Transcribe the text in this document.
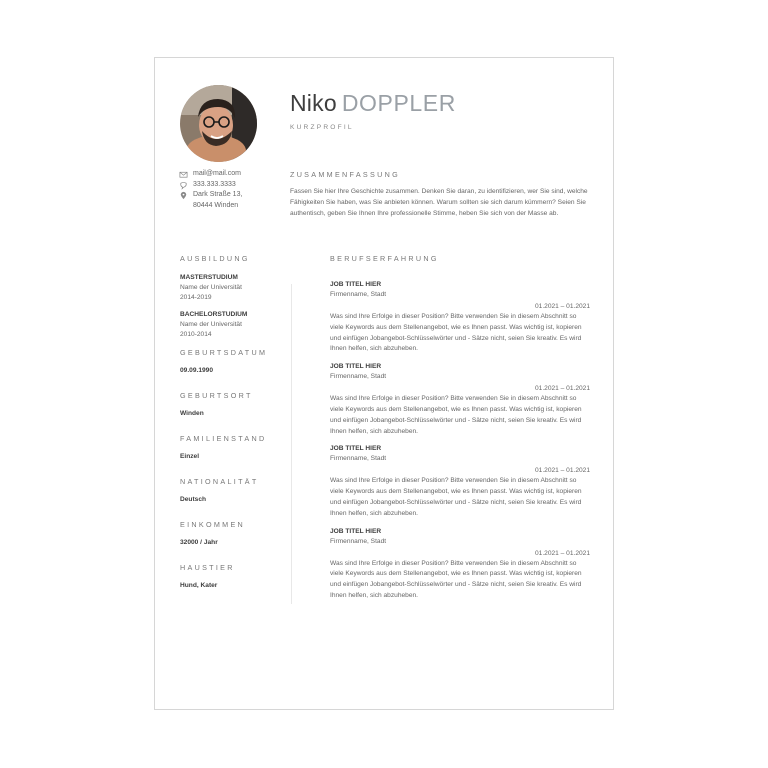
Niko DOPPLER
KURZPROFIL
mail@mail.com
333.333.3333
Dark Straße 13,
80444 Winden
ZUSAMMENFASSUNG
Fassen Sie hier Ihre Geschichte zusammen. Denken Sie daran, zu identifizieren, wer Sie sind, welche Fähigkeiten Sie haben, was Sie anbieten können. Warum sollten sie sich darum kümmern? Seien Sie authentisch, geben Sie Ihnen Ihre professionelle Stimme, heben Sie sich von der Masse ab.
AUSBILDUNG
MASTERSTUDIUM
Name der Universität
2014-2019
BACHELORSTUDIUM
Name der Universität
2010-2014
GEBURTSDATUM
09.09.1990
GEBURTSORT
Winden
FAMILIENSTAND
Einzel
NATIONALITÄT
Deutsch
EINKOMMEN
32000 / Jahr
HAUSTIER
Hund, Kater
BERUFSERFAHRUNG
JOB TITEL HIER
Firmenname, Stadt
01.2021 – 01.2021
Was sind Ihre Erfolge in dieser Position? Bitte verwenden Sie in diesem Abschnitt so viele Keywords aus dem Stellenangebot, wie es Ihnen passt. Was wichtig ist, kopieren und einfügen Jobangebot-Schlüsselwörter und - Sätze nicht, seien Sie kreativ. Es wird Ihnen helfen, sich abzuheben.
JOB TITEL HIER
Firmenname, Stadt
01.2021 – 01.2021
Was sind Ihre Erfolge in dieser Position? Bitte verwenden Sie in diesem Abschnitt so viele Keywords aus dem Stellenangebot, wie es Ihnen passt. Was wichtig ist, kopieren und einfügen Jobangebot-Schlüsselwörter und - Sätze nicht, seien Sie kreativ. Es wird Ihnen helfen, sich abzuheben.
JOB TITEL HIER
Firmenname, Stadt
01.2021 – 01.2021
Was sind Ihre Erfolge in dieser Position? Bitte verwenden Sie in diesem Abschnitt so viele Keywords aus dem Stellenangebot, wie es Ihnen passt. Was wichtig ist, kopieren und einfügen Jobangebot-Schlüsselwörter und - Sätze nicht, seien Sie kreativ. Es wird Ihnen helfen, sich abzuheben.
JOB TITEL HIER
Firmenname, Stadt
01.2021 – 01.2021
Was sind Ihre Erfolge in dieser Position? Bitte verwenden Sie in diesem Abschnitt so viele Keywords aus dem Stellenangebot, wie es Ihnen passt. Was wichtig ist, kopieren und einfügen Jobangebot-Schlüsselwörter und - Sätze nicht, seien Sie kreativ. Es wird Ihnen helfen, sich abzuheben.
